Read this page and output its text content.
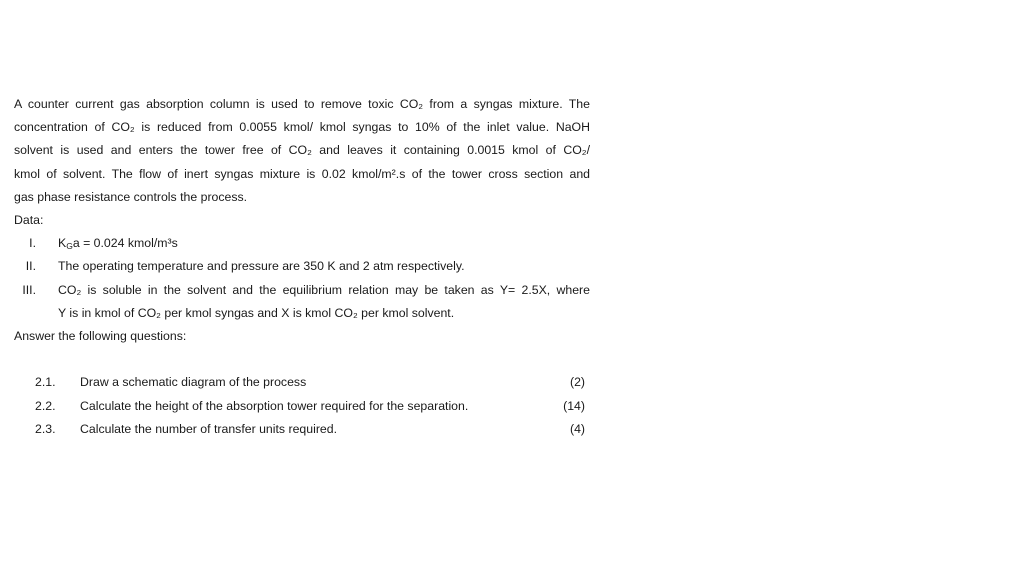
A counter current gas absorption column is used to remove toxic CO₂ from a syngas mixture. The
concentration of CO₂ is reduced from 0.0055 kmol/ kmol syngas to 10% of the inlet value. NaOH
solvent is used and enters the tower free of CO₂ and leaves it containing 0.0015 kmol of CO₂/
kmol of solvent. The flow of inert syngas mixture is 0.02 kmol/m².s of the tower cross section and
gas phase resistance controls the process.
Data:
I. $K_Ga = 0.024$ kmol/m³s
II. The operating temperature and pressure are 350 K and 2 atm respectively.
III. CO₂ is soluble in the solvent and the equilibrium relation may be taken as Y= 2.5X, where
Y is in kmol of CO₂ per kmol syngas and X is kmol CO₂ per kmol solvent.
Answer the following questions:
2.1. Draw a schematic diagram of the process	(2)
2.2. Calculate the height of the absorption tower required for the separation.	(14)
2.3. Calculate the number of transfer units required.	(4)
